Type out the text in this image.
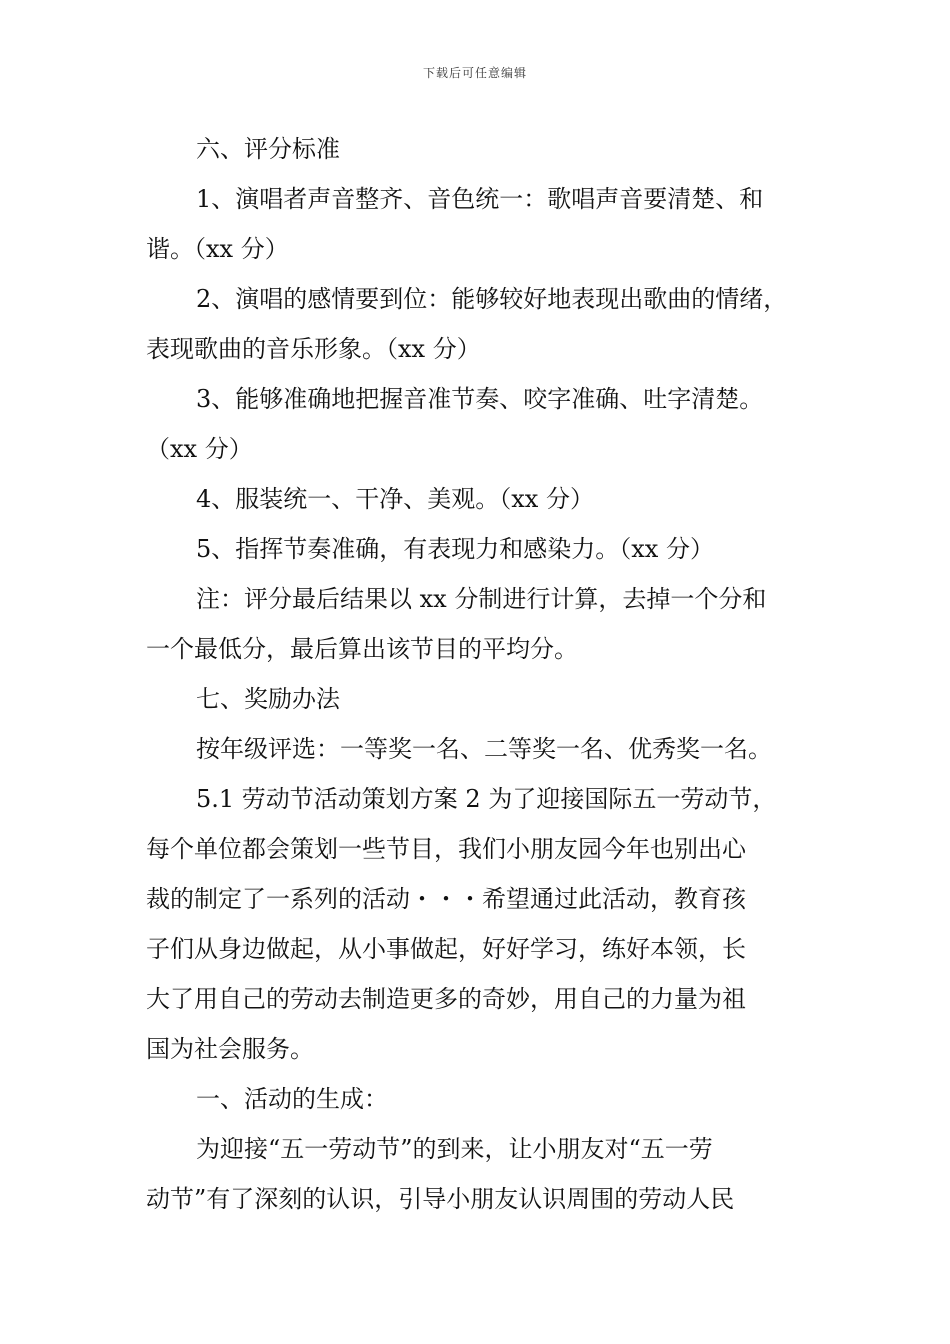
下载后可任意编辑
六、评分标准
1、演唱者声音整齐、音色统一：歌唱声音要清楚、和
谐。（xx 分）
2、演唱的感情要到位：能够较好地表现出歌曲的情绪，
表现歌曲的音乐形象。（xx 分）
3、能够准确地把握音准节奏、咬字准确、吐字清楚。
（xx 分）
4、服装统一、干净、美观。（xx 分）
5、指挥节奏准确，有表现力和感染力。（xx 分）
注：评分最后结果以 xx 分制进行计算，去掉一个分和
一个最低分，最后算出该节目的平均分。
七、奖励办法
按年级评选：一等奖一名、二等奖一名、优秀奖一名。
5.1 劳动节活动策划方案 2 为了迎接国际五一劳动节，
每个单位都会策划一些节目，我们小朋友园今年也别出心
裁的制定了一系列的活动・・・希望通过此活动，教育孩
子们从身边做起，从小事做起，好好学习，练好本领，长
大了用自己的劳动去制造更多的奇妙，用自己的力量为祖
国为社会服务。
一、活动的生成：
为迎接“五一劳动节”的到来，让小朋友对“五一劳
动节”有了深刻的认识，引导小朋友认识周围的劳动人民
